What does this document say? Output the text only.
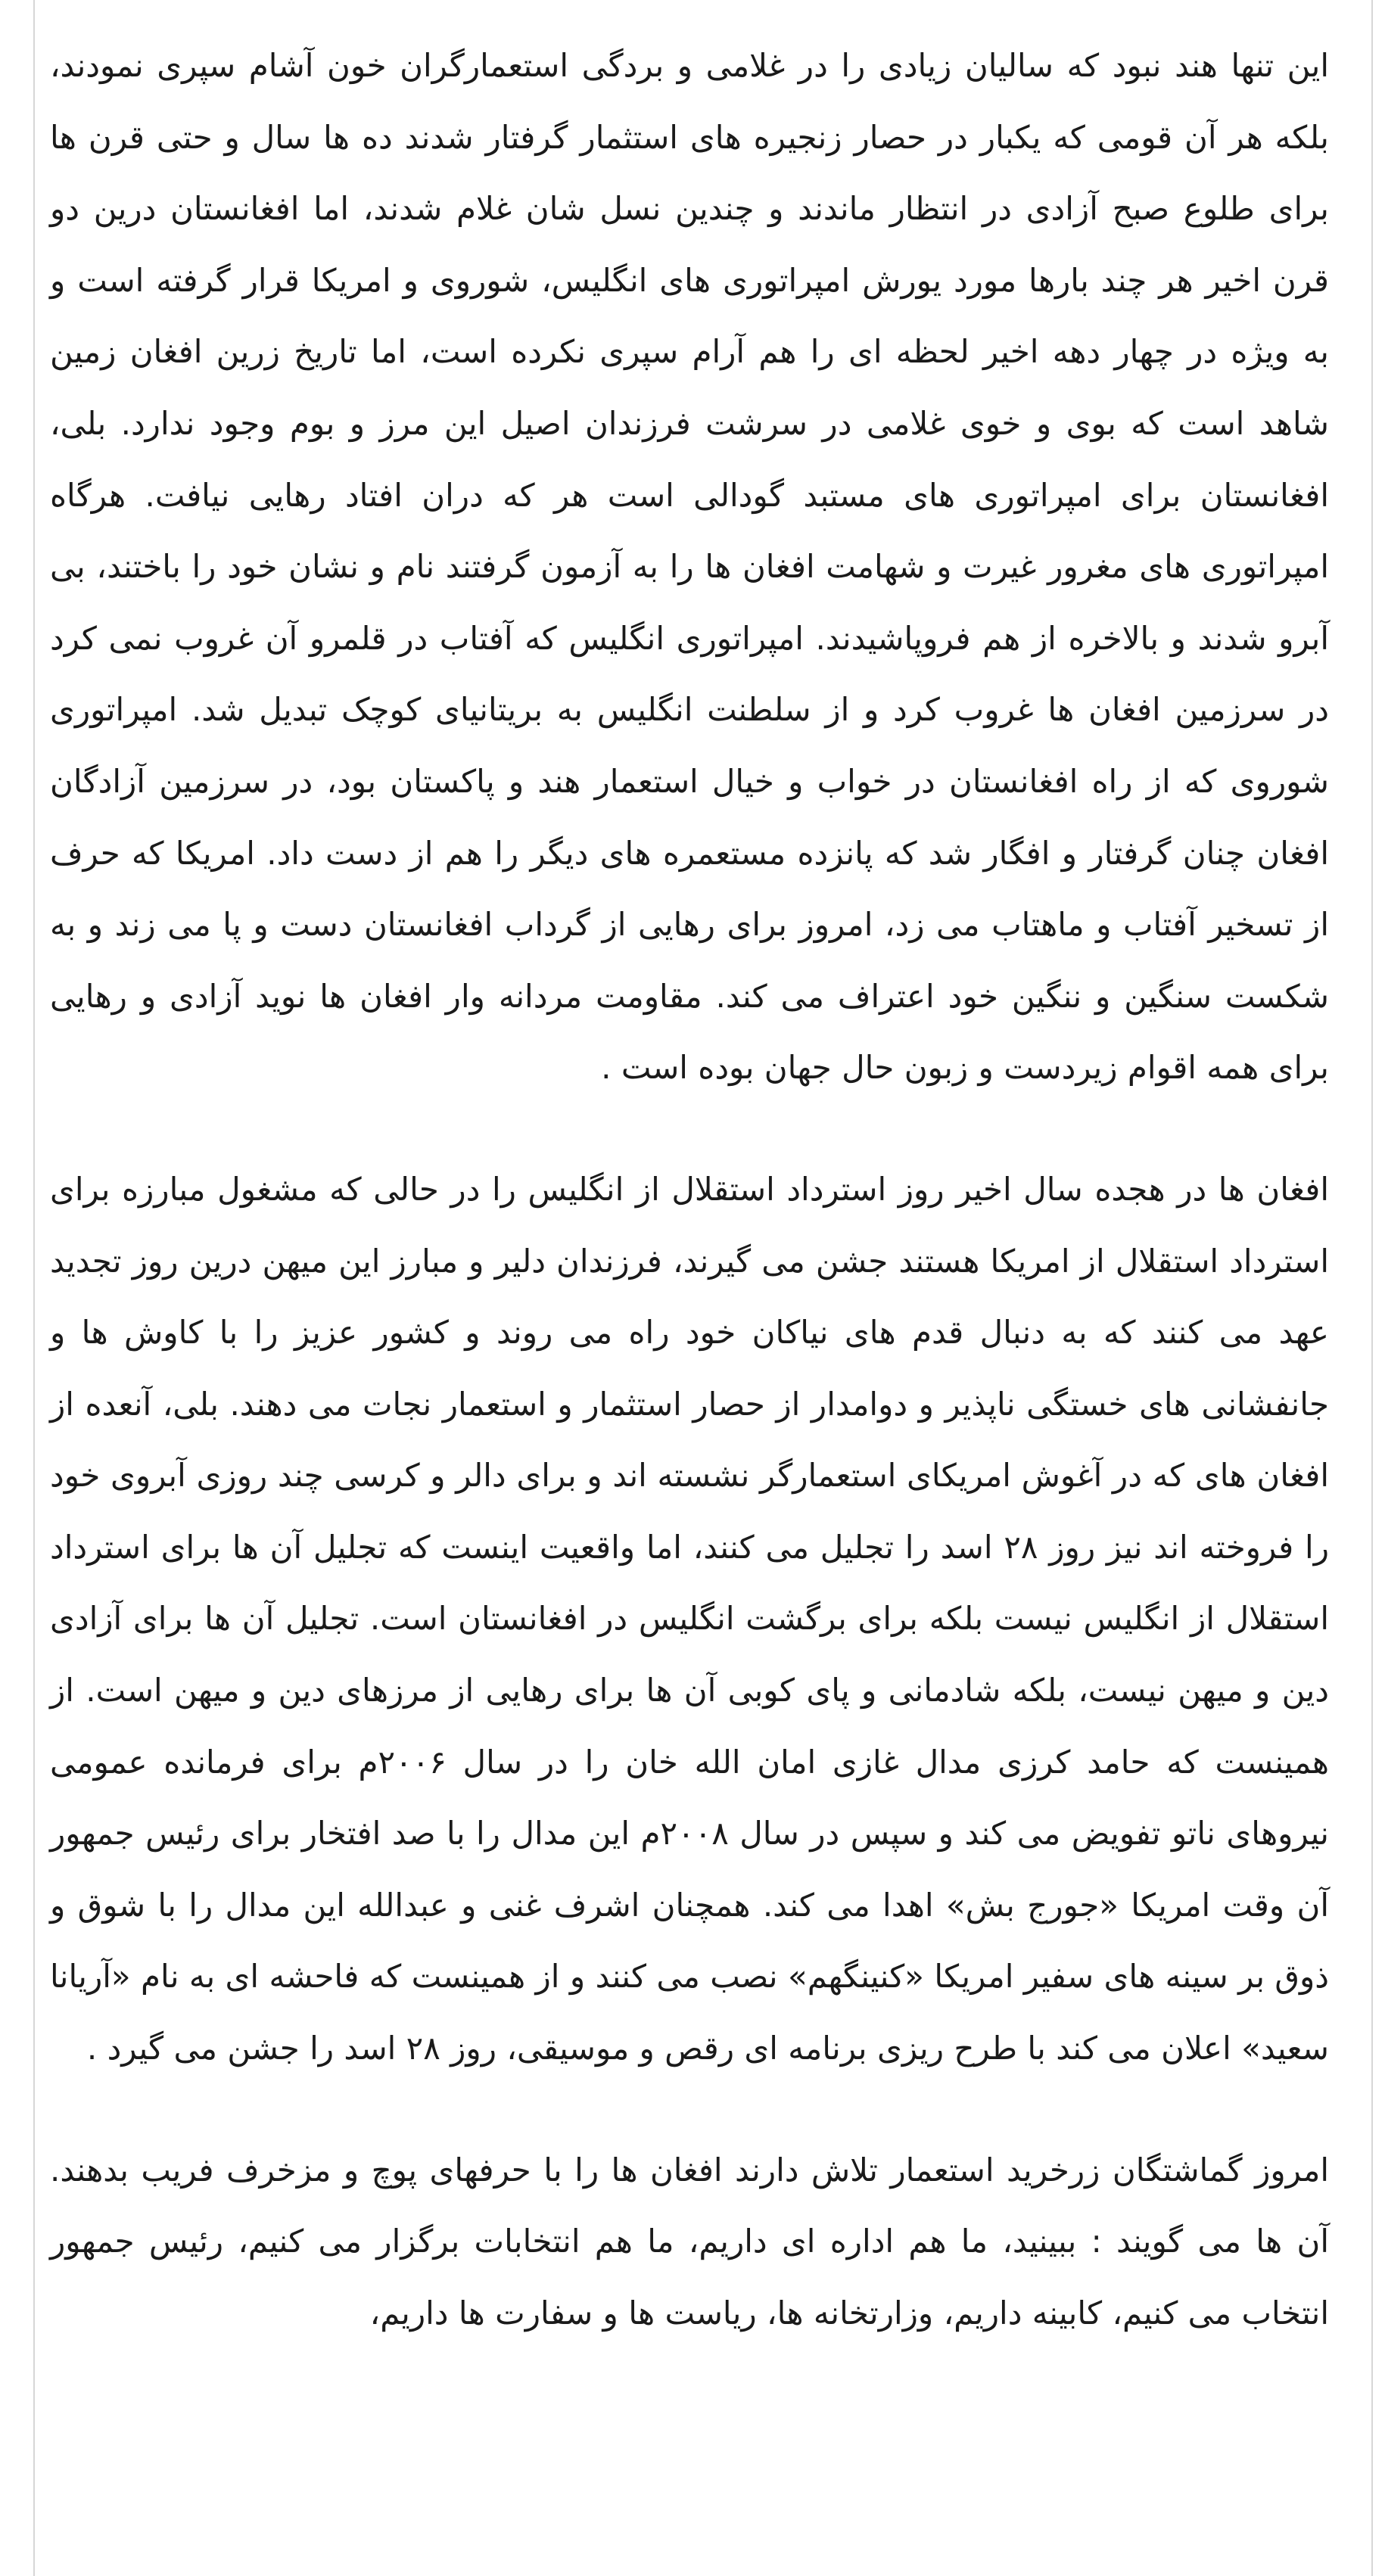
این تنها هند نبود که سالیان زیادی را در غلامی و بردگی استعمارگران خون آشام سپری نمودند، بلکه هر آن قومی که یکبار در حصار زنجیره های استثمار گرفتار شدند ده ها سال و حتی قرن ها برای طلوع صبح آزادی در انتظار ماندند و چندین نسل شان غلام شدند، اما افغانستان درین دو قرن اخیر هر چند بارها مورد یورش امپراتوری های انگلیس، شوروی و امریکا قرار گرفته است و به ویژه در چهار دهه اخیر لحظه ای را هم آرام سپری نکرده است، اما تاریخ زرین افغان زمین شاهد است که بوی و خوی غلامی در سرشت فرزندان اصیل این مرز و بوم وجود ندارد. بلی، افغانستان برای امپراتوری های مستبد گودالی است هر که دران افتاد رهایی نیافت. هرگاه امپراتوری های مغرور غیرت و شهامت افغان ها را به آزمون گرفتند نام و نشان خود را باختند، بی آبرو شدند و بالاخره از هم فروپاشیدند. امپراتوری انگلیس که آفتاب در قلمرو آن غروب نمی کرد در سرزمین افغان ها غروب کرد و از سلطنت انگلیس به بریتانیای کوچک تبدیل شد. امپراتوری شوروی که از راه افغانستان در خواب و خیال استعمار هند و پاکستان بود، در سرزمین آزادگان افغان چنان گرفتار و افگار شد که پانزده مستعمره های دیگر را هم از دست داد. امریکا که حرف از تسخیر آفتاب و ماهتاب می زد، امروز برای رهایی از گرداب افغانستان دست و پا می زند و به شکست سنگین و ننگین خود اعتراف می کند. مقاومت مردانه وار افغان ها نوید آزادی و رهایی برای همه اقوام زیردست و زبون حال جهان بوده است .

افغان ها در هجده سال اخیر روز استرداد استقلال از انگلیس را در حالی که مشغول مبارزه برای استرداد استقلال از امریکا هستند جشن می گیرند، فرزندان دلیر و مبارز این میهن درین روز تجدید عهد می کنند که به دنبال قدم های نیاکان خود راه می روند و کشور عزیز را با کاوش ها و جانفشانی های خستگی ناپذیر و دوامدار از حصار استثمار و استعمار نجات می دهند. بلی، آنعده از افغان های که در آغوش امریکای استعمارگر نشسته اند و برای دالر و کرسی چند روزی آبروی خود را فروخته اند نیز روز ۲۸ اسد را تجلیل می کنند، اما واقعیت اینست که تجلیل آن ها برای استرداد استقلال از انگلیس نیست بلکه برای برگشت انگلیس در افغانستان است. تجلیل آن ها برای آزادی دین و میهن نیست، بلکه شادمانی و پای کوبی آن ها برای رهایی از مرزهای دین و میهن است. از همینست که حامد کرزی مدال غازی امان الله خان را در سال ۲۰۰۶م برای فرمانده عمومی نیروهای ناتو تفویض می کند و سپس در سال ۲۰۰۸م این مدال را با صد افتخار برای رئیس جمهور آن وقت امریکا «جورج بش» اهدا می کند. همچنان اشرف غنی و عبدالله این مدال را با شوق و ذوق بر سینه های سفیر امریکا «کنینگهم» نصب می کنند و از همینست که فاحشه ای به نام «آریانا سعید» اعلان می کند با طرح ریزی برنامه ای رقص و موسیقی، روز ۲۸ اسد را جشن می گیرد .

امروز گماشتگان زرخرید استعمار تلاش دارند افغان ها را با حرفهای پوچ و مزخرف فریب بدهند. آن ها می گویند : ببینید، ما هم اداره ای داریم، ما هم انتخابات برگزار می کنیم، رئیس جمهور انتخاب می کنیم، کابینه داریم، وزارتخانه ها، ریاست ها و سفارت ها داریم،
